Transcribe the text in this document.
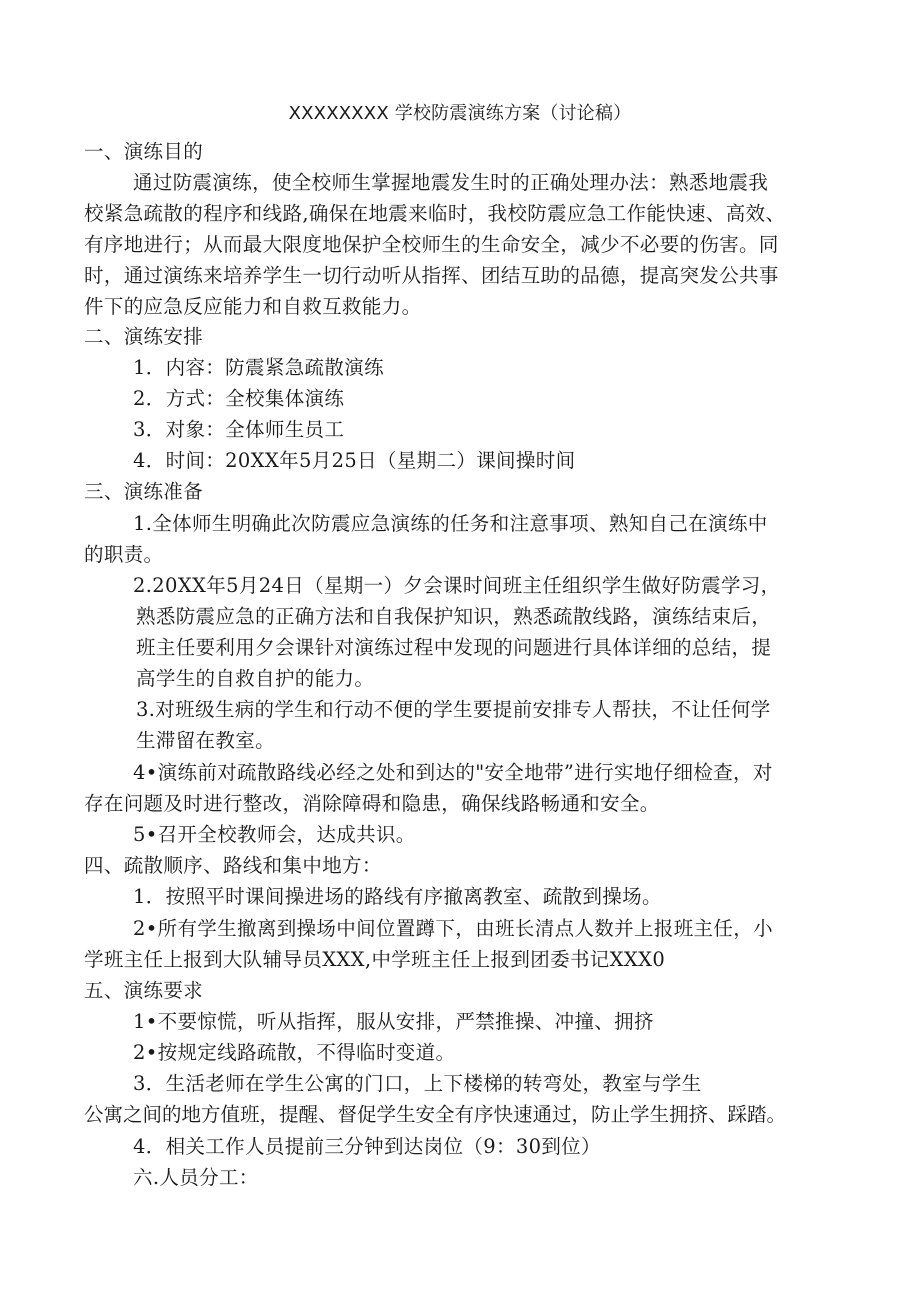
XXXXXXXX 学校防震演练方案（讨论稿）
一、演练目的
通过防震演练，使全校师生掌握地震发生时的正确处理办法：熟悉地震我
校紧急疏散的程序和线路,确保在地震来临时，我校防震应急工作能快速、高效、
有序地进行；从而最大限度地保护全校师生的生命安全，减少不必要的伤害。同
时，通过演练来培养学生一切行动听从指挥、团结互助的品德，提高突发公共事
件下的应急反应能力和自救互救能力。
二、演练安排
1．内容：防震紧急疏散演练
2．方式：全校集体演练
3．对象：全体师生员工
4．时间：20XX年5月25日（星期二）课间操时间
三、演练准备
1.全体师生明确此次防震应急演练的任务和注意事项、熟知自己在演练中
的职责。
2.20XX年5月24日（星期一）夕会课时间班主任组织学生做好防震学习，
熟悉防震应急的正确方法和自我保护知识，熟悉疏散线路，演练结束后，
班主任要利用夕会课针对演练过程中发现的问题进行具体详细的总结，提
高学生的自救自护的能力。
3.对班级生病的学生和行动不便的学生要提前安排专人帮扶，不让任何学
生滞留在教室。
4•演练前对疏散路线必经之处和到达的"安全地带”进行实地仔细检查，对
存在问题及时进行整改，消除障碍和隐患，确保线路畅通和安全。
5•召开全校教师会，达成共识。
四、疏散顺序、路线和集中地方：
1．按照平时课间操进场的路线有序撤离教室、疏散到操场。
2•所有学生撤离到操场中间位置蹲下，由班长清点人数并上报班主任，小
学班主任上报到大队辅导员XXX,中学班主任上报到团委书记XXX0
五、演练要求
1•不要惊慌，听从指挥，服从安排，严禁推操、冲撞、拥挤
2•按规定线路疏散，不得临时变道。
3．生活老师在学生公寓的门口，上下楼梯的转弯处，教室与学生
公寓之间的地方值班，提醒、督促学生安全有序快速通过，防止学生拥挤、踩踏。
4．相关工作人员提前三分钟到达岗位（9：30到位）
六.人员分工：
